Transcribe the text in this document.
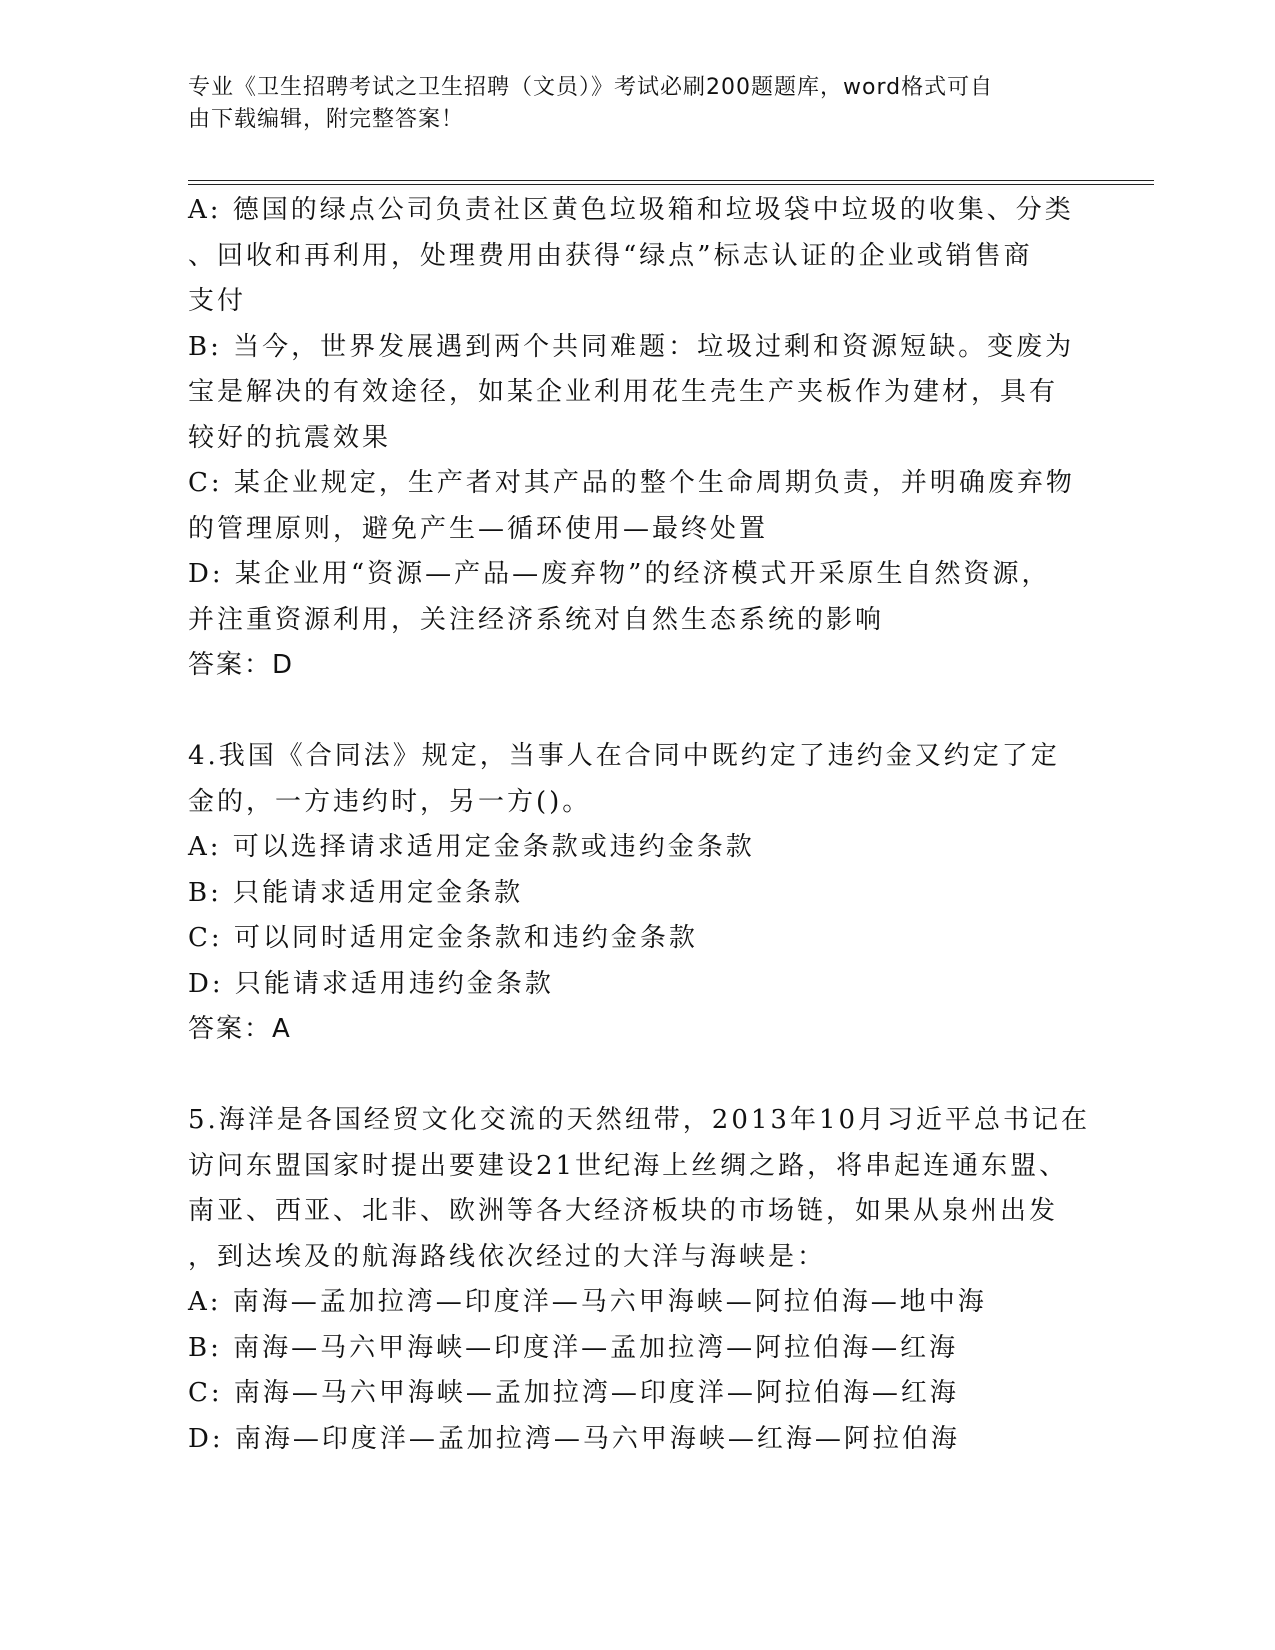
专业《卫生招聘考试之卫生招聘（文员）》考试必刷200题题库，word格式可自
由下载编辑，附完整答案！
A: 德国的绿点公司负责社区黄色垃圾箱和垃圾袋中垃圾的收集、分类
、回收和再利用，处理费用由获得“绿点”标志认证的企业或销售商
支付
B: 当今，世界发展遇到两个共同难题：垃圾过剩和资源短缺。变废为
宝是解决的有效途径，如某企业利用花生壳生产夹板作为建材，具有
较好的抗震效果
C: 某企业规定，生产者对其产品的整个生命周期负责，并明确废弃物
的管理原则，避免产生—循环使用—最终处置
D: 某企业用“资源—产品—废弃物”的经济模式开采原生自然资源，
并注重资源利用，关注经济系统对自然生态系统的影响
答案：D
4.我国《合同法》规定，当事人在合同中既约定了违约金又约定了定
金的，一方违约时，另一方()。
A: 可以选择请求适用定金条款或违约金条款
B: 只能请求适用定金条款
C: 可以同时适用定金条款和违约金条款
D: 只能请求适用违约金条款
答案：A
5.海洋是各国经贸文化交流的天然纽带，2013年10月习近平总书记在
访问东盟国家时提出要建设21世纪海上丝绸之路，将串起连通东盟、
南亚、西亚、北非、欧洲等各大经济板块的市场链，如果从泉州出发
，到达埃及的航海路线依次经过的大洋与海峡是：
A: 南海—孟加拉湾—印度洋—马六甲海峡—阿拉伯海—地中海
B: 南海—马六甲海峡—印度洋—孟加拉湾—阿拉伯海—红海
C: 南海—马六甲海峡—孟加拉湾—印度洋—阿拉伯海—红海
D: 南海—印度洋—孟加拉湾—马六甲海峡—红海—阿拉伯海
